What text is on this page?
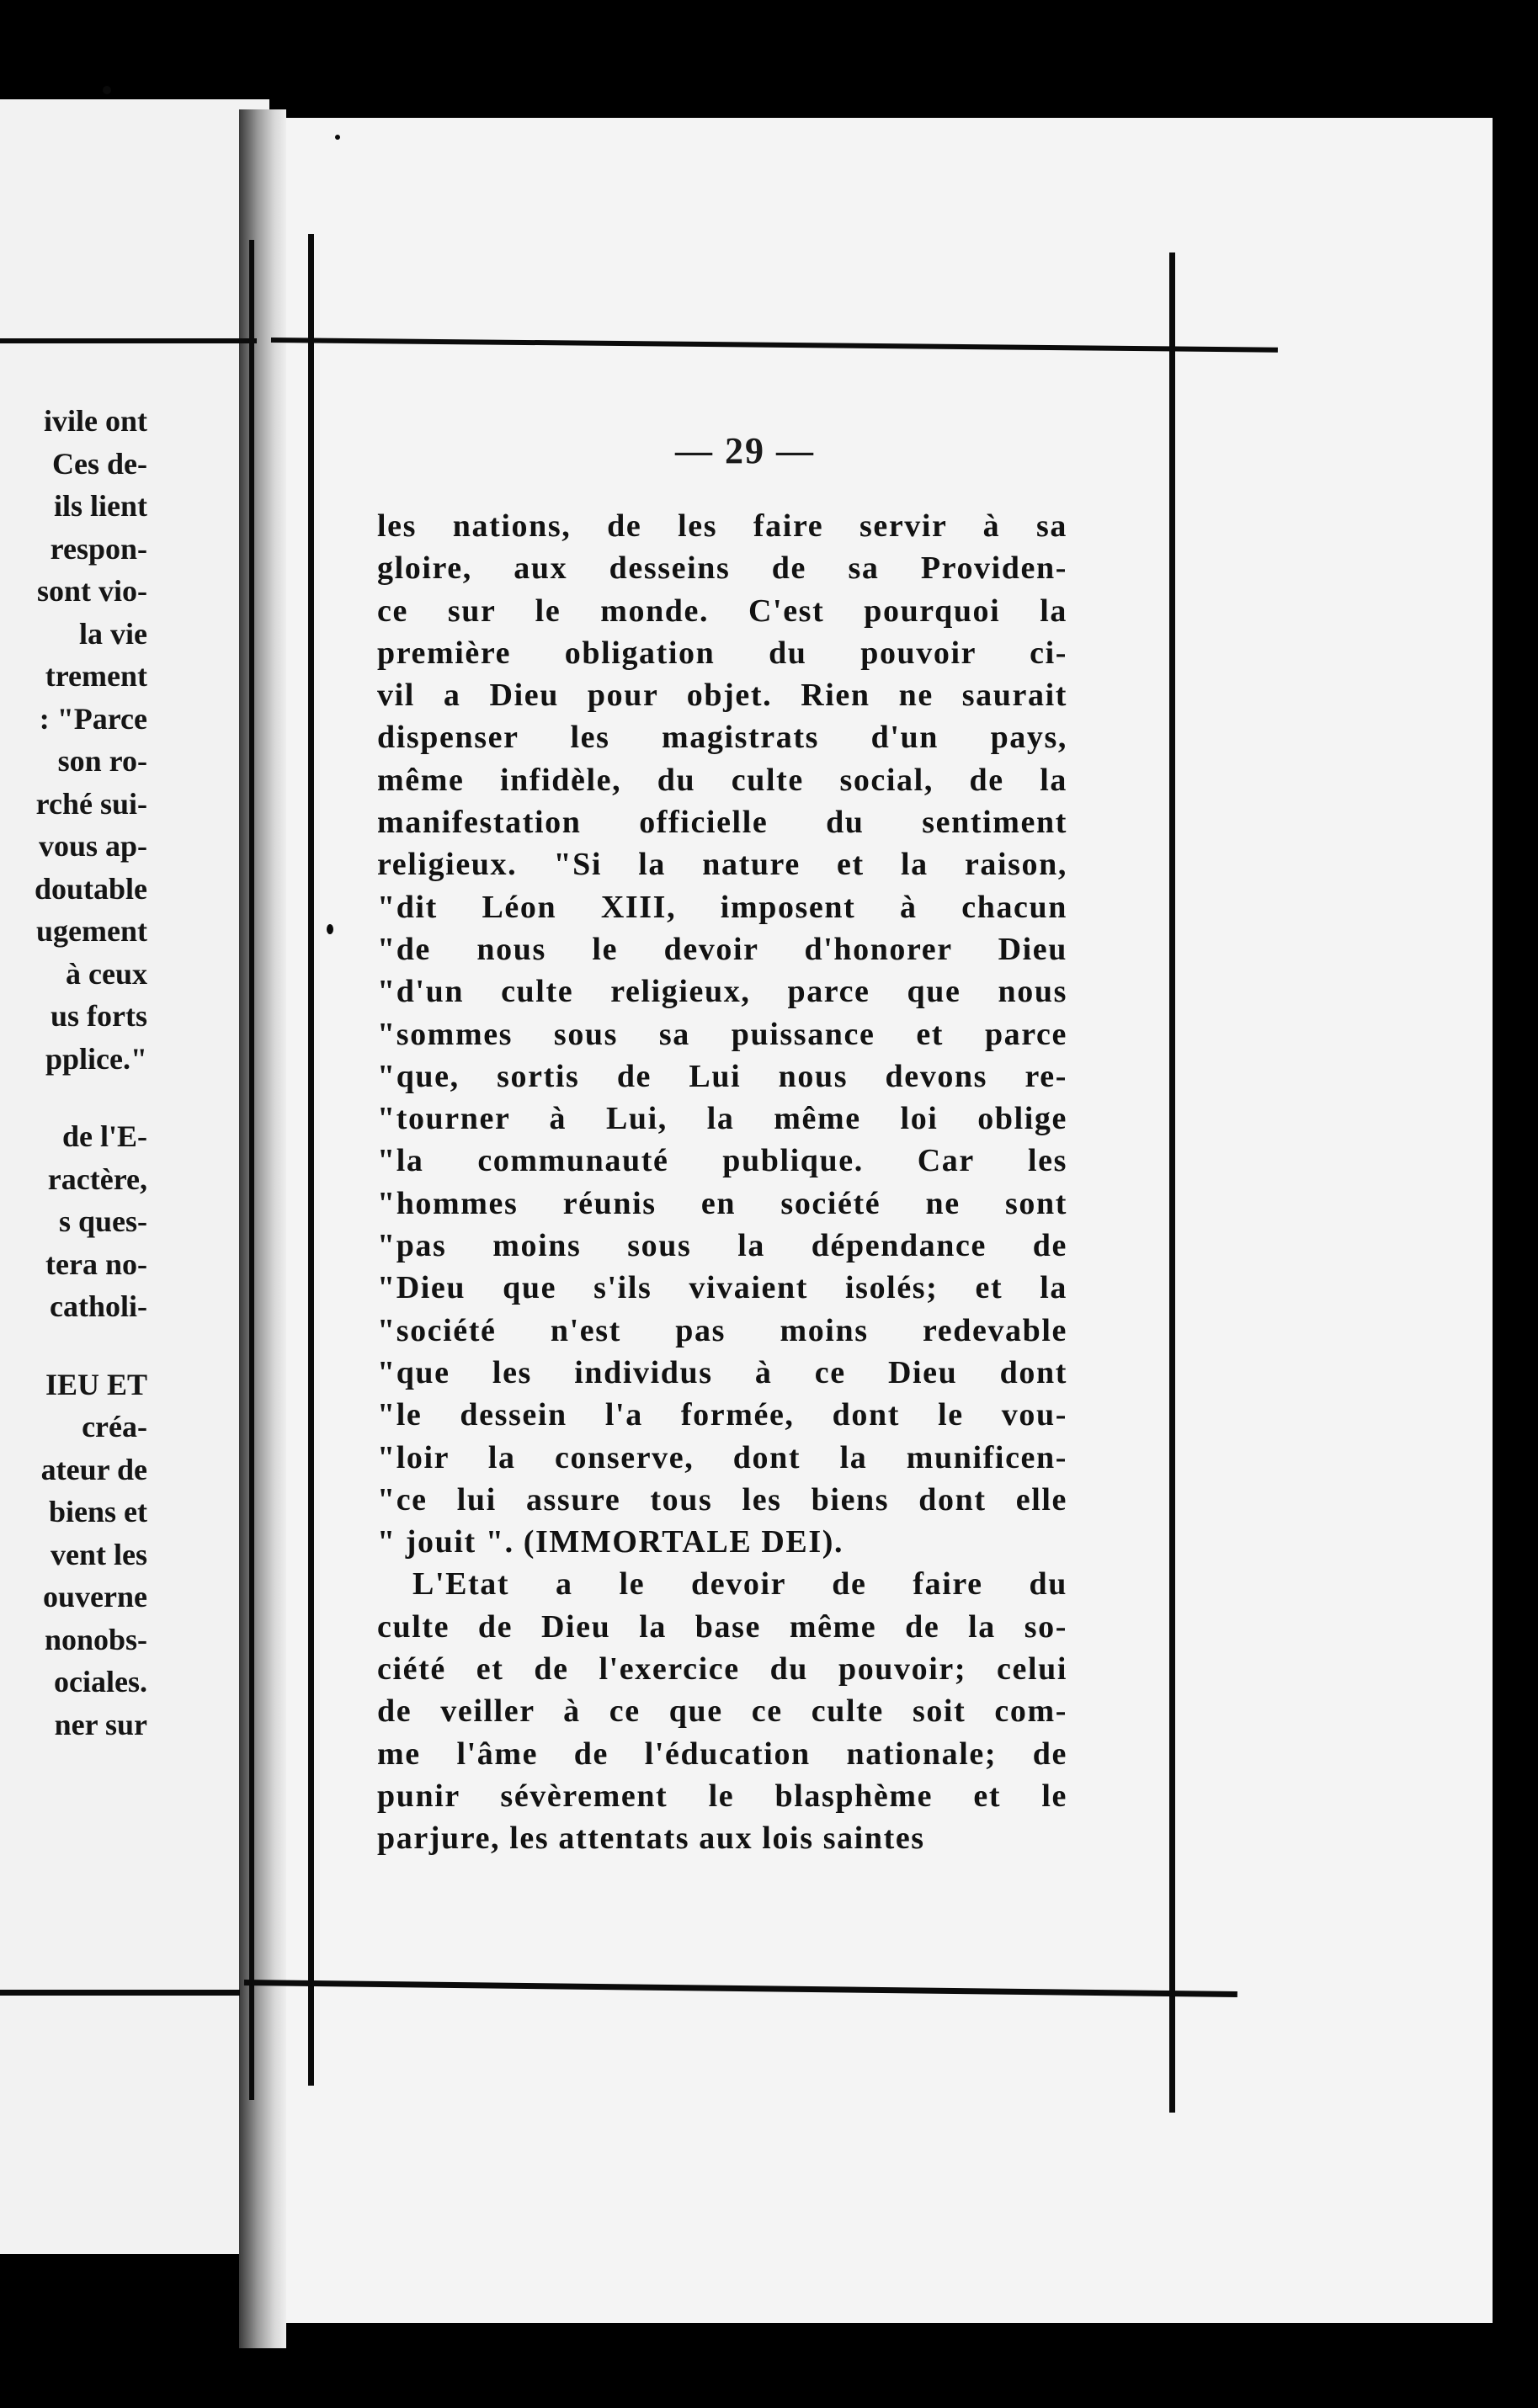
ivile ont
Ces de-
ils lient
respon-
sont vio-
la vie
trement
: "Parce
son ro-
rché sui-
vous ap-
doutable
ugement
à ceux
us forts
pplice."
de l'E-
ractère,
s ques-
tera no-
catholi-
IEU ET
créa-
ateur de
biens et
vent les
ouverne
nonobs-
ociales.
ner sur
— 29 —
les nations, de les faire servir à sa
gloire, aux desseins de sa Providen-
ce sur le monde. C'est pourquoi la
première obligation du pouvoir ci-
vil a Dieu pour objet. Rien ne saurait
dispenser les magistrats d'un pays,
même infidèle, du culte social, de la
manifestation officielle du sentiment
religieux. "Si la nature et la raison,
"dit Léon XIII, imposent à chacun
"de nous le devoir d'honorer Dieu
"d'un culte religieux, parce que nous
"sommes sous sa puissance et parce
"que, sortis de Lui nous devons re-
"tourner à Lui, la même loi oblige
"la communauté publique. Car les
"hommes réunis en société ne sont
"pas moins sous la dépendance de
"Dieu que s'ils vivaient isolés; et la
"société n'est pas moins redevable
"que les individus à ce Dieu dont
"le dessein l'a formée, dont le vou-
"loir la conserve, dont la munificen-
"ce lui assure tous les biens dont elle
" jouit ". (IMMORTALE DEI).
L'Etat a le devoir de faire du
culte de Dieu la base même de la so-
ciété et de l'exercice du pouvoir; celui
de veiller à ce que ce culte soit com-
me l'âme de l'éducation nationale; de
punir sévèrement le blasphème et le
parjure, les attentats aux lois saintes
